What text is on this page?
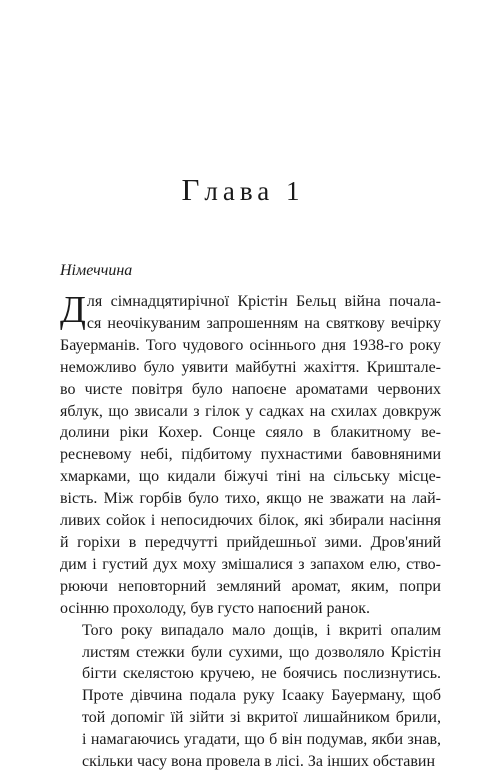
Глава 1
Німеччина

Д ля сімнадцятирічної Крістін Бельц війна почала-
ся неочікуваним запрошенням на святкову вечірку
Бауерманів. Того чудового осіннього дня 1938-го року
неможливо було уявити майбутні жахіття. Криштале-
во чисте повітря було напоєне ароматами червоних
яблук, що звисали з гілок у садках на схилах довкруж
долини ріки Кохер. Сонце сяяло в блакитному ве-
ресневому небі, підбитому пухнастими бавовняними
хмарками, що кидали біжучі тіні на сільську місце-
вість. Між горбів було тихо, якщо не зважати на лай-
ливих сойок і непосидючих білок, які збирали насіння
й горіхи в передчутті прийдешньої зими. Дров'яний
дим і густий дух моху змішалися з запахом елю, ство-
рюючи неповторний земляний аромат, яким, попри
осінню прохолоду, був густо напоєний ранок.

Того року випадало мало дощів, і вкриті опалим
листям стежки були сухими, що дозволяло Крістін
бігти скелястою кручею, не боячись послизнутись.
Проте дівчина подала руку Ісааку Бауерману, щоб
той допоміг їй зійти зі вкритої лишайником брили,
і намагаючись угадати, що б він подумав, якби знав,
скільки часу вона провела в лісі. За інших обставин
